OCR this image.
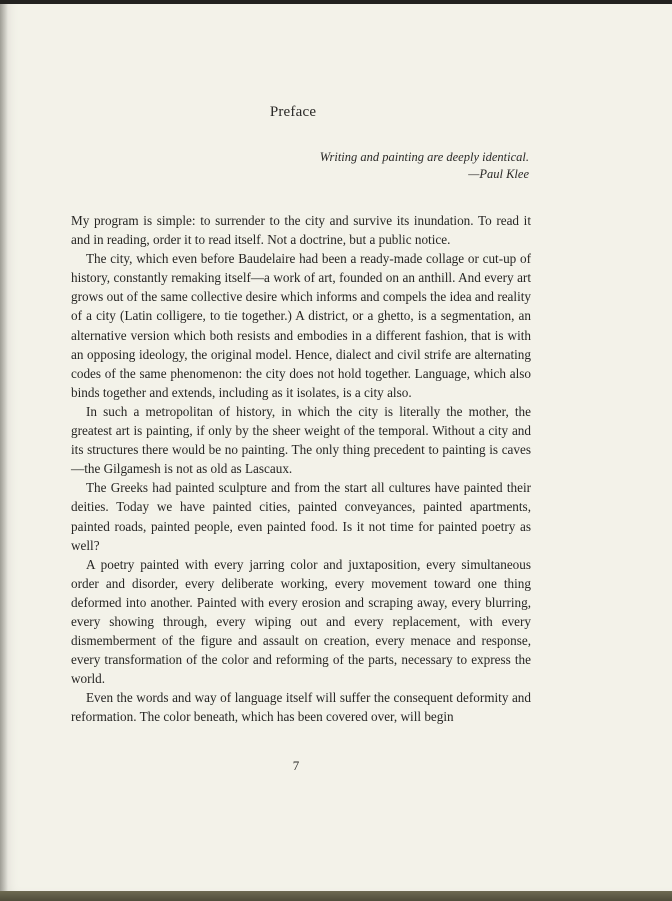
Preface
Writing and painting are deeply identical.
—Paul Klee

My program is simple: to surrender to the city and survive its inundation. To read it and in reading, order it to read itself. Not a doctrine, but a public notice.

The city, which even before Baudelaire had been a ready-made collage or cut-up of history, constantly remaking itself—a work of art, founded on an anthill. And every art grows out of the same collective desire which informs and compels the idea and reality of a city (Latin colligere, to tie together.) A district, or a ghetto, is a segmentation, an alternative version which both resists and embodies in a different fashion, that is with an opposing ideology, the original model. Hence, dialect and civil strife are alternating codes of the same phenomenon: the city does not hold together. Language, which also binds together and extends, including as it isolates, is a city also.

In such a metropolitan of history, in which the city is literally the mother, the greatest art is painting, if only by the sheer weight of the temporal. Without a city and its structures there would be no painting. The only thing precedent to painting is caves—the Gilgamesh is not as old as Lascaux.

The Greeks had painted sculpture and from the start all cultures have painted their deities. Today we have painted cities, painted conveyances, painted apartments, painted roads, painted people, even painted food. Is it not time for painted poetry as well?

A poetry painted with every jarring color and juxtaposition, every simultaneous order and disorder, every deliberate working, every movement toward one thing deformed into another. Painted with every erosion and scraping away, every blurring, every showing through, every wiping out and every replacement, with every dismemberment of the figure and assault on creation, every menace and response, every transformation of the color and reforming of the parts, necessary to express the world.

Even the words and way of language itself will suffer the consequent deformity and reformation. The color beneath, which has been covered over, will begin

7
